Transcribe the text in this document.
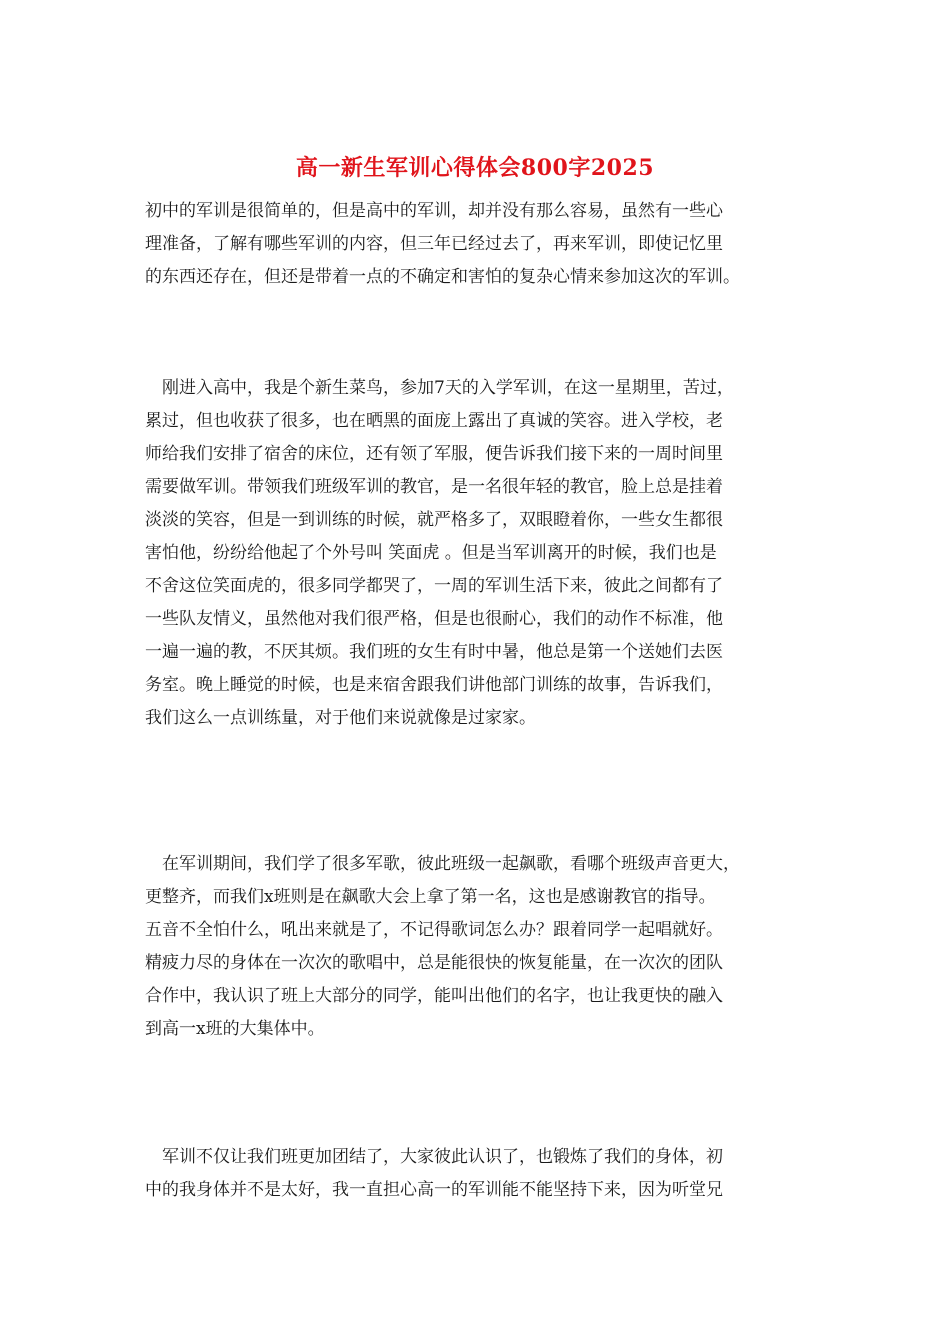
高一新生军训心得体会800字2025
初中的军训是很简单的，但是高中的军训，却并没有那么容易，虽然有一些心
理准备，了解有哪些军训的内容，但三年已经过去了，再来军训，即使记忆里
的东西还存在，但还是带着一点的不确定和害怕的复杂心情来参加这次的军训。
　刚进入高中，我是个新生菜鸟，参加7天的入学军训，在这一星期里，苦过，
累过，但也收获了很多，也在晒黑的面庞上露出了真诚的笑容。进入学校，老
师给我们安排了宿舍的床位，还有领了军服，便告诉我们接下来的一周时间里
需要做军训。带领我们班级军训的教官，是一名很年轻的教官，脸上总是挂着
淡淡的笑容，但是一到训练的时候，就严格多了，双眼瞪着你，一些女生都很
害怕他，纷纷给他起了个外号叫 笑面虎 。但是当军训离开的时候，我们也是
不舍这位笑面虎的，很多同学都哭了，一周的军训生活下来，彼此之间都有了
一些队友情义，虽然他对我们很严格，但是也很耐心，我们的动作不标准，他
一遍一遍的教，不厌其烦。我们班的女生有时中暑，他总是第一个送她们去医
务室。晚上睡觉的时候，也是来宿舍跟我们讲他部门训练的故事，告诉我们，
我们这么一点训练量，对于他们来说就像是过家家。
　在军训期间，我们学了很多军歌，彼此班级一起飙歌，看哪个班级声音更大，
更整齐，而我们x班则是在飙歌大会上拿了第一名，这也是感谢教官的指导。
五音不全怕什么，吼出来就是了，不记得歌词怎么办？跟着同学一起唱就好。
精疲力尽的身体在一次次的歌唱中，总是能很快的恢复能量，在一次次的团队
合作中，我认识了班上大部分的同学，能叫出他们的名字，也让我更快的融入
到高一x班的大集体中。
　军训不仅让我们班更加团结了，大家彼此认识了，也锻炼了我们的身体，初
中的我身体并不是太好，我一直担心高一的军训能不能坚持下来，因为听堂兄
